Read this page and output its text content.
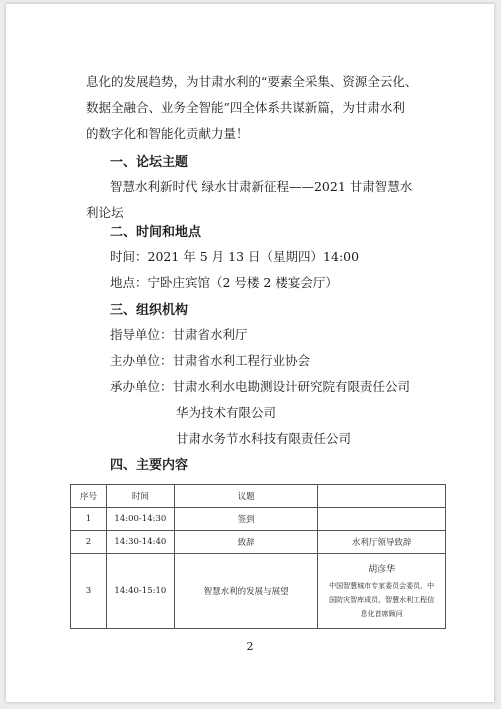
息化的发展趋势，为甘肃水利的“要素全采集、资源全云化、
数据全融合、业务全智能”四全体系共谋新篇，为甘肃水利
的数字化和智能化贡献力量！
一、论坛主题
智慧水利新时代 绿水甘肃新征程——2021 甘肃智慧水
利论坛
二、时间和地点
时间：2021 年 5 月 13 日（星期四）14:00
地点：宁卧庄宾馆（2 号楼 2 楼宴会厅）
三、组织机构
指导单位：甘肃省水利厅
主办单位：甘肃省水利工程行业协会
承办单位：甘肃水利水电勘测设计研究院有限责任公司
华为技术有限公司
甘肃水务节水科技有限责任公司
四、主要内容
序号	时间	议题	
1	14:00-14:30	签到	
2	14:30-14:40	致辞	水利厅领导致辞
3	14:40-15:10	智慧水利的发展与展望	胡彦华
中国智慧城市专家委员会委员、中
国防灾智库成员、智慧水利工程信
息化首席顾问
2
